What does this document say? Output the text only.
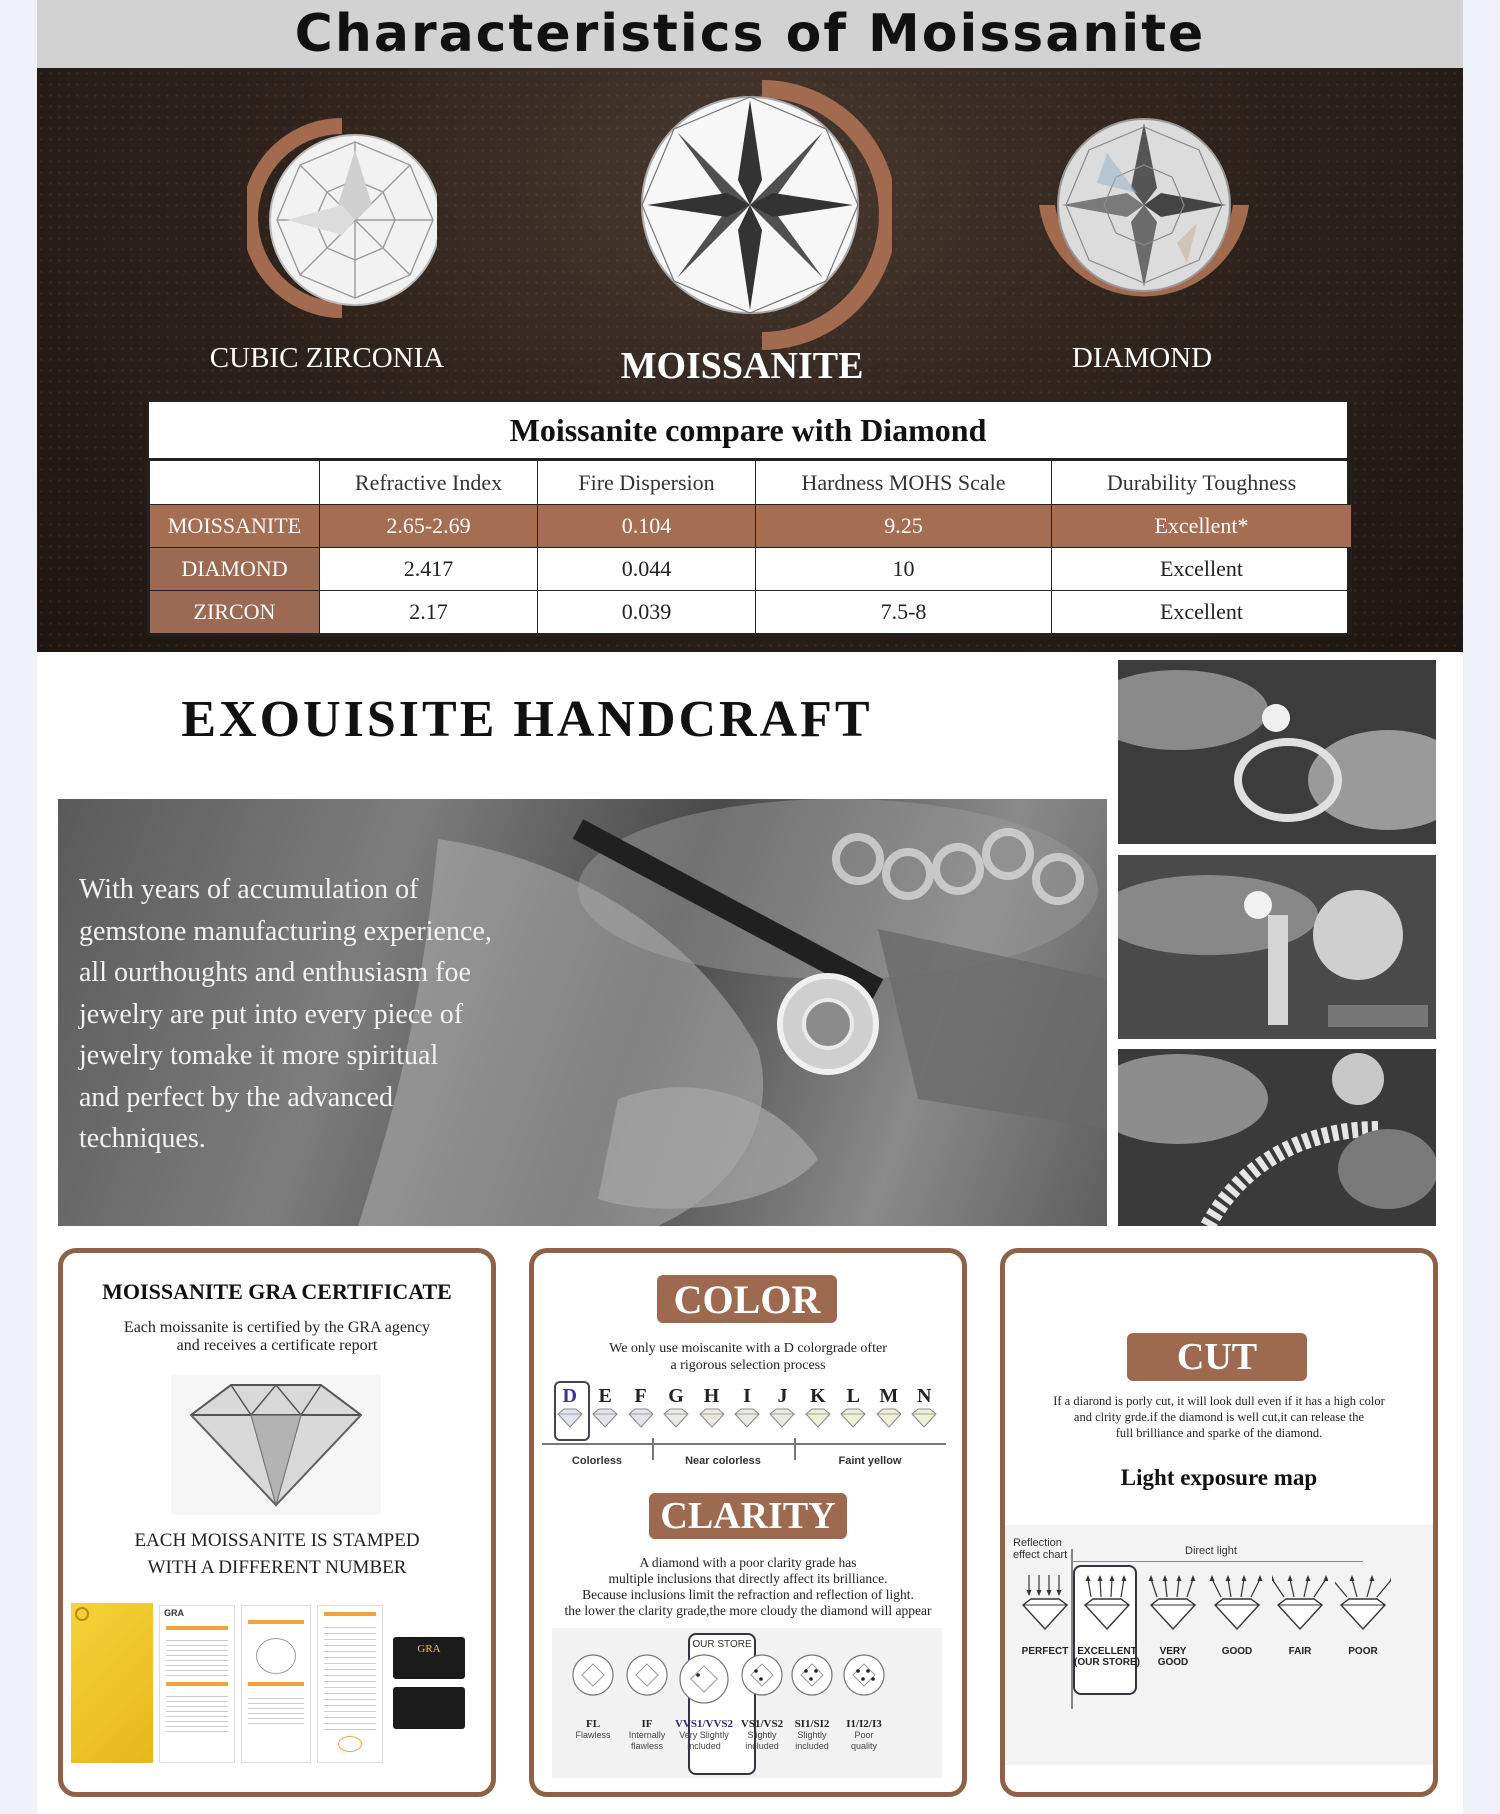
Characteristics of Moissanite
CUBIC ZIRCONIA	MOISSANITE	DIAMOND
Moissanite compare with Diamond
	Refractive Index	Fire Dispersion	Hardness MOHS Scale	Durability Toughness
MOISSANITE	2.65-2.69	0.104	9.25	Excellent*
DIAMOND	2.417	0.044	10	Excellent
ZIRCON	2.17	0.039	7.5-8	Excellent
EXOUISITE HANDCRAFT
With years of accumulation of
gemstone manufacturing experience,
all ourthoughts and enthusiasm foe
jewelry are put into every piece of
jewelry tomake it more spiritual
and perfect by the advanced
techniques.
MOISSANITE GRA CERTIFICATE
Each moissanite is certified by the GRA agency
and receives a certificate report
EACH MOISSANITE IS STAMPED
WITH A DIFFERENT NUMBER
GRA
GRA
COLOR
We only use moiscanite with a D colorgrade ofter
a rigorous selection process
D	E	F	G H	I	J	K	L M N
Colorless	Near colorless	Faint yellow
CLARITY
A diamond with a poor clarity grade has
multiple inclusions that directly affect its brilliance.
Because inclusions limit the refraction and reflection of light.
the lower the clarity grade,the more cloudy the diamond will appear
OUR STORE
FL
Flawless
IF
Internally
flawless
VVS1/VVS2
Very Slightly
included
VS1/VS2
Slightly
included
SI1/SI2
Slightly
included
I1/I2/I3
Poor
quality
CUT
If a diarond is porly cut, it will look dull even if it has a high color
and clrity grde.if the diamond is well cut,it can release the
full brilliance and sparke of the diamond.
Light exposure map
Reflection
effect chart	Direct light
PERFECT EXCELLENT
(OUR STORE)
VERY
GOOD
GOOD	FAIR	POOR
